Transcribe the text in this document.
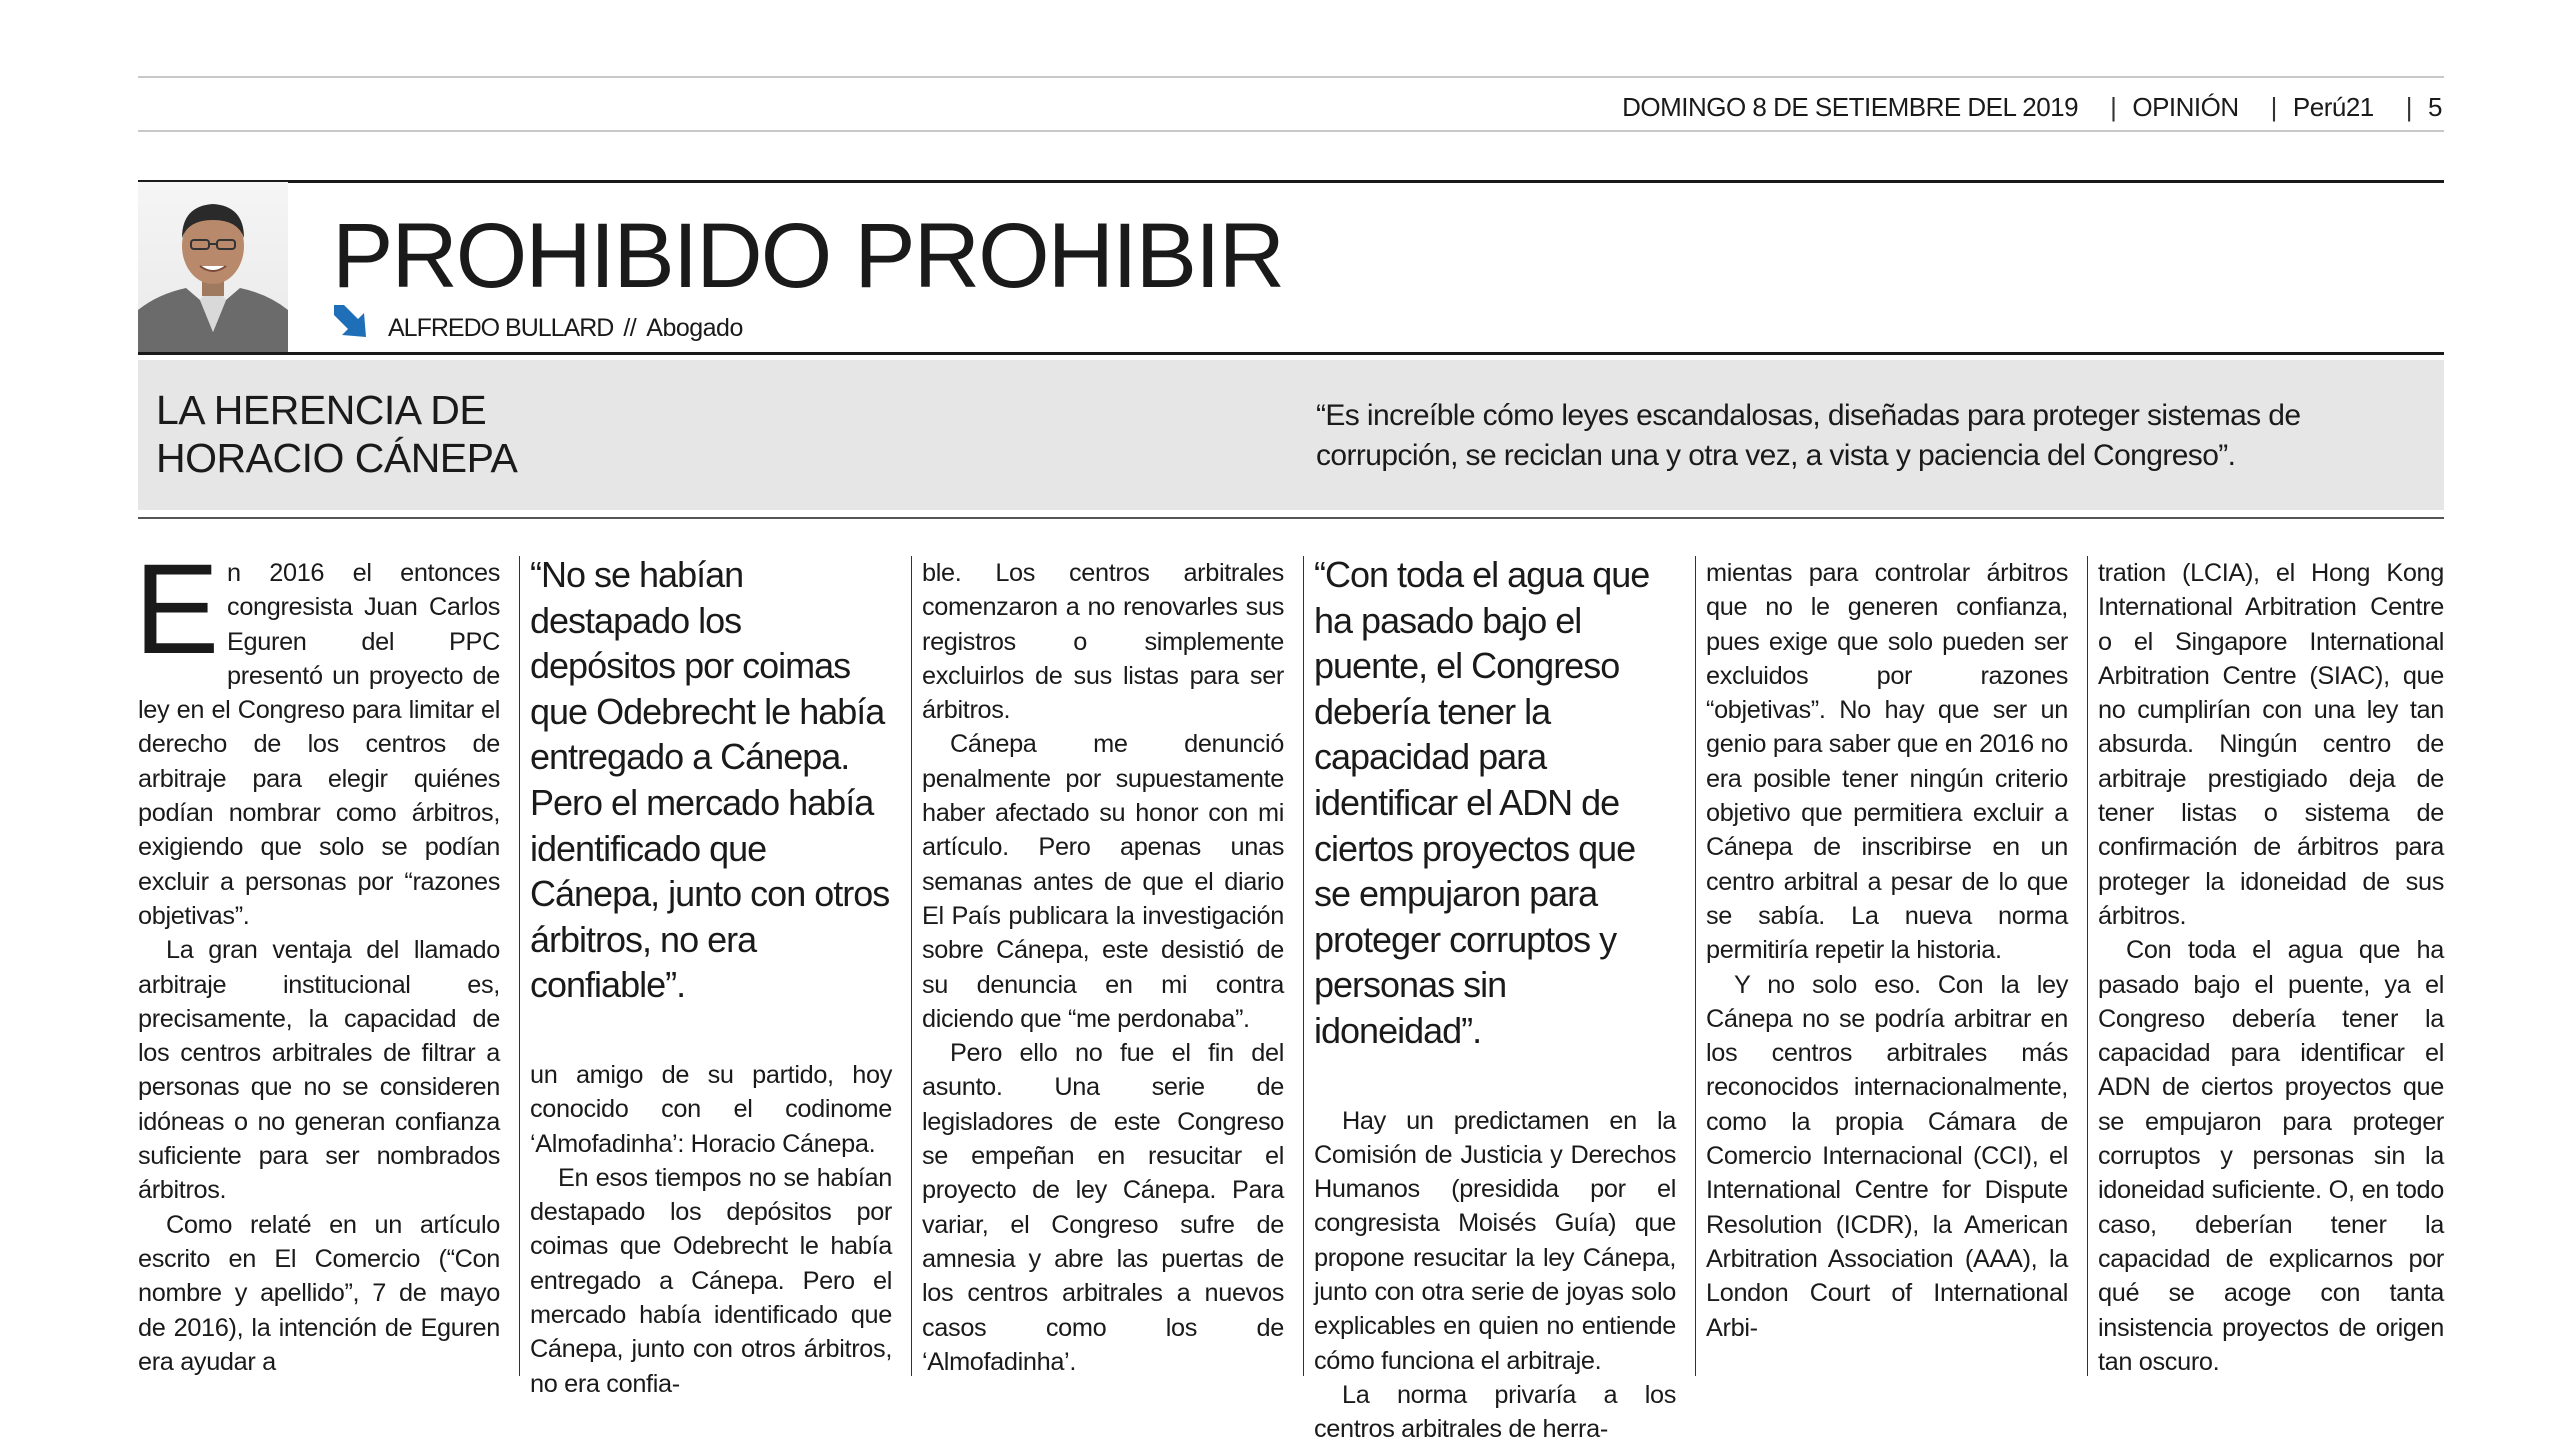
DOMINGO 8 DE SETIEMBRE DEL 2019 | OPINIÓN | Perú21 | 5
PROHIBIDO PROHIBIR
ALFREDO BULLARD // Abogado
LA HERENCIA DE
HORACIO CÁNEPA
“Es increíble cómo leyes escandalosas, diseñadas para proteger sistemas de corrupción, se reciclan una y otra vez, a vista y paciencia del Congreso”.

En 2016 el entonces congresista Juan Carlos Eguren del PPC presentó un proyecto de ley en el Congreso para limitar el derecho de los centros de arbitraje para elegir quiénes podían nombrar como árbitros, exigiendo que solo se podían excluir a personas por “razones objetivas”.

La gran ventaja del llamado arbitraje institucional es, precisamente, la capacidad de los centros arbitrales de filtrar a personas que no se consideren idóneas o no generan confianza suficiente para ser nombrados árbitros.

Como relaté en un artículo escrito en El Comercio (“Con nombre y apellido”, 7 de mayo de 2016), la intención de Eguren era ayudar a

“No se habían destapado los depósitos por coimas que Odebrecht le había entregado a Cánepa. Pero el mercado había identificado que Cánepa, junto con otros árbitros, no era confiable”.

un amigo de su partido, hoy conocido con el codinome ‘Almofadinha’: Horacio Cánepa.

En esos tiempos no se habían destapado los depósitos por coimas que Odebrecht le había entregado a Cánepa. Pero el mercado había identificado que Cánepa, junto con otros árbitros, no era confia-

ble. Los centros arbitrales comenzaron a no renovarles sus registros o simplemente excluirlos de sus listas para ser árbitros.

Cánepa me denunció penalmente por supuestamente haber afectado su honor con mi artículo. Pero apenas unas semanas antes de que el diario El País publicara la investigación sobre Cánepa, este desistió de su denuncia en mi contra diciendo que “me perdonaba”.

Pero ello no fue el fin del asunto. Una serie de legisladores de este Congreso se empeñan en resucitar el proyecto de ley Cánepa. Para variar, el Congreso sufre de amnesia y abre las puertas de los centros arbitrales a nuevos casos como los de ‘Almofadinha’.

“Con toda el agua que ha pasado bajo el puente, el Congreso debería tener la capacidad para identificar el ADN de ciertos proyectos que se empujaron para proteger corruptos y personas sin idoneidad”.

Hay un predictamen en la Comisión de Justicia y Derechos Humanos (presidida por el congresista Moisés Guía) que propone resucitar la ley Cánepa, junto con otra serie de joyas solo explicables en quien no entiende cómo funciona el arbitraje.

La norma privaría a los centros arbitrales de herra-

mientas para controlar árbitros que no le generen confianza, pues exige que solo pueden ser excluidos por razones “objetivas”. No hay que ser un genio para saber que en 2016 no era posible tener ningún criterio objetivo que permitiera excluir a Cánepa de inscribirse en un centro arbitral a pesar de lo que se sabía. La nueva norma permitiría repetir la historia.

Y no solo eso. Con la ley Cánepa no se podría arbitrar en los centros arbitrales más reconocidos internacionalmente, como la propia Cámara de Comercio Internacional (CCI), el International Centre for Dispute Resolution (ICDR), la American Arbitration Association (AAA), la London Court of International Arbi-

tration (LCIA), el Hong Kong International Arbitration Centre o el Singapore International Arbitration Centre (SIAC), que no cumplirían con una ley tan absurda. Ningún centro de arbitraje prestigiado deja de tener listas o sistema de confirmación de árbitros para proteger la idoneidad de sus árbitros.

Con toda el agua que ha pasado bajo el puente, ya el Congreso debería tener la capacidad para identificar el ADN de ciertos proyectos que se empujaron para proteger corruptos y personas sin la idoneidad suficiente. O, en todo caso, deberían tener la capacidad de explicarnos por qué se acoge con tanta insistencia proyectos de origen tan oscuro.
